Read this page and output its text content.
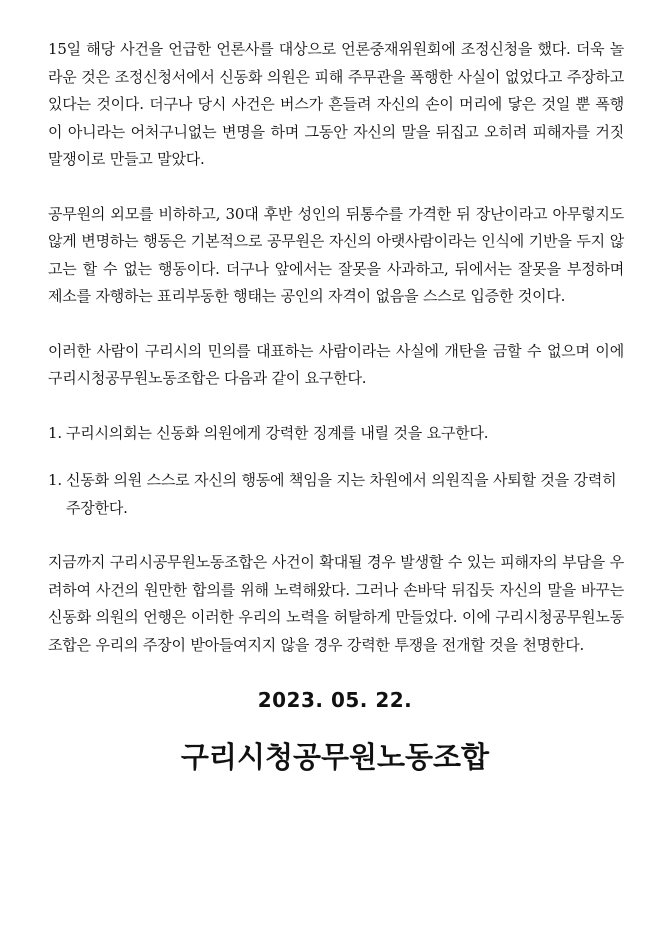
15일 해당 사건을 언급한 언론사를 대상으로 언론중재위원회에 조정신청을 했다. 더욱 놀라운 것은 조정신청서에서 신동화 의원은 피해 주무관을 폭행한 사실이 없었다고 주장하고 있다는 것이다. 더구나 당시 사건은 버스가 흔들려 자신의 손이 머리에 닿은 것일 뿐 폭행이 아니라는 어처구니없는 변명을 하며 그동안 자신의 말을 뒤집고 오히려 피해자를 거짓말쟁이로 만들고 말았다.

공무원의 외모를 비하하고, 30대 후반 성인의 뒤통수를 가격한 뒤 장난이라고 아무렇지도 않게 변명하는 행동은 기본적으로 공무원은 자신의 아랫사람이라는 인식에 기반을 두지 않고는 할 수 없는 행동이다. 더구나 앞에서는 잘못을 사과하고, 뒤에서는 잘못을 부정하며 제소를 자행하는 표리부동한 행태는 공인의 자격이 없음을 스스로 입증한 것이다.

이러한 사람이 구리시의 민의를 대표하는 사람이라는 사실에 개탄을 금할 수 없으며 이에 구리시청공무원노동조합은 다음과 같이 요구한다.

1. 구리시의회는 신동화 의원에게 강력한 징계를 내릴 것을 요구한다.
1. 신동화 의원 스스로 자신의 행동에 책임을 지는 차원에서 의원직을 사퇴할 것을 강력히 주장한다.

지금까지 구리시공무원노동조합은 사건이 확대될 경우 발생할 수 있는 피해자의 부담을 우려하여 사건의 원만한 합의를 위해 노력해왔다. 그러나 손바닥 뒤집듯 자신의 말을 바꾸는 신동화 의원의 언행은 이러한 우리의 노력을 허탈하게 만들었다. 이에 구리시청공무원노동조합은 우리의 주장이 받아들여지지 않을 경우 강력한 투쟁을 전개할 것을 천명한다.

2023. 05. 22.
구리시청공무원노동조합
